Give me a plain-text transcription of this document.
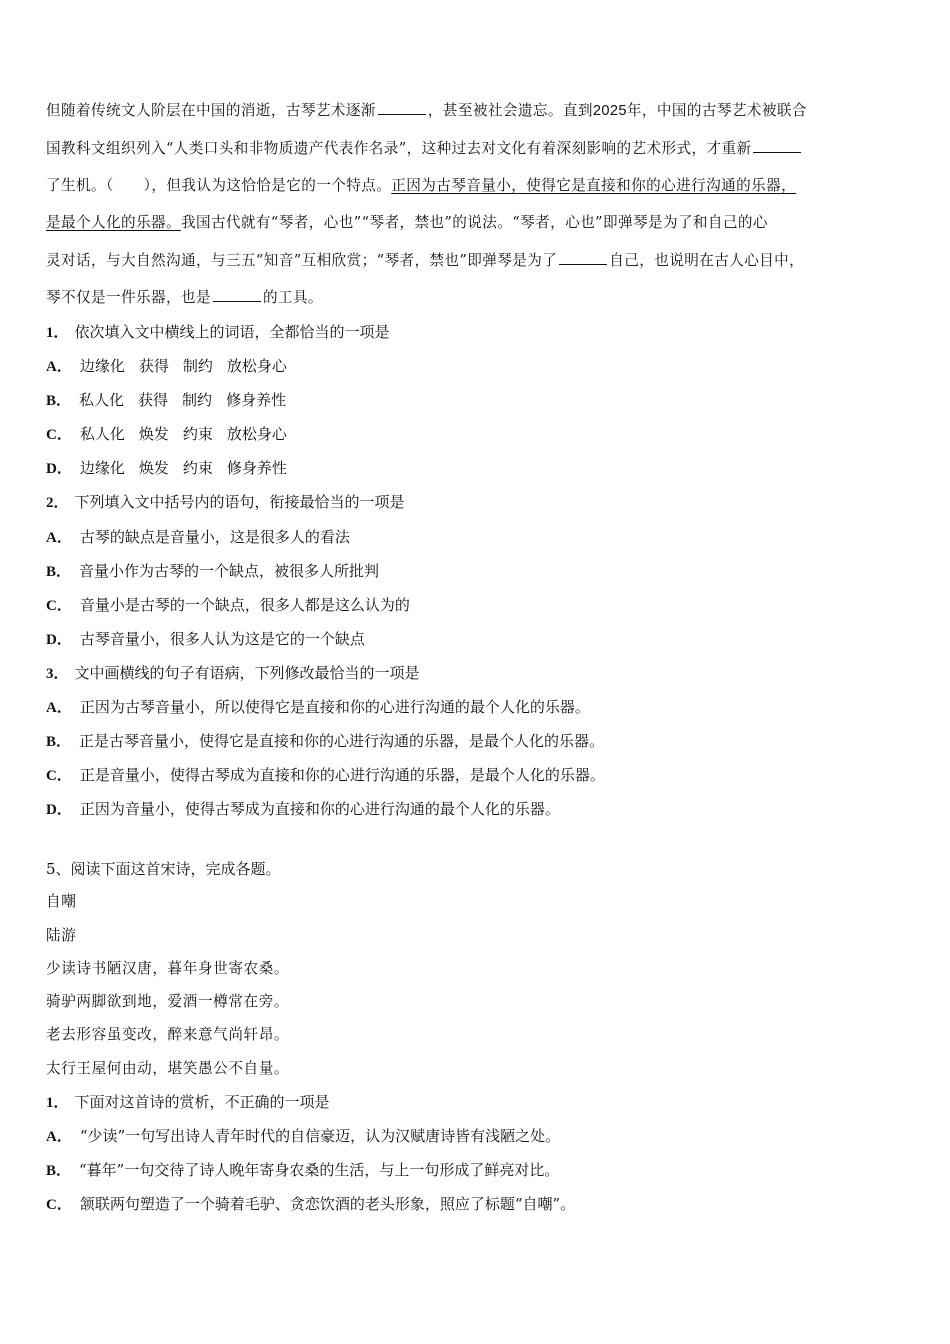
但随着传统文人阶层在中国的消逝，古琴艺术逐渐	，甚至被社会遗忘。直到2025年，中国的古琴艺术被联合
国教科文组织列入“人类口头和非物质遗产代表作名录”，这种过去对文化有着深刻影响的艺术形式，才重新
了生机。（　　），但我认为这恰恰是它的一个特点。正因为古琴音量小，使得它是直接和你的心进行沟通的乐器，
是最个人化的乐器。我国古代就有“琴者，心也”“琴者，禁也”的说法。“琴者，心也”即弹琴是为了和自己的心
灵对话，与大自然沟通，与三五“知音”互相欣赏；“琴者，禁也”即弹琴是为了	自己，也说明在古人心目中，
琴不仅是一件乐器，也是	的工具。
1． 依次填入文中横线上的词语，全都恰当的一项是
A． 边缘化 获得 制约 放松身心
B． 私人化 获得 制约 修身养性
C． 私人化 焕发 约束 放松身心
D． 边缘化 焕发 约束 修身养性
2． 下列填入文中括号内的语句，衔接最恰当的一项是
A． 古琴的缺点是音量小，这是很多人的看法
B． 音量小作为古琴的一个缺点，被很多人所批判
C． 音量小是古琴的一个缺点，很多人都是这么认为的
D． 古琴音量小，很多人认为这是它的一个缺点
3． 文中画横线的句子有语病，下列修改最恰当的一项是
A． 正因为古琴音量小，所以使得它是直接和你的心进行沟通的最个人化的乐器。
B． 正是古琴音量小，使得它是直接和你的心进行沟通的乐器，是最个人化的乐器。
C． 正是音量小，使得古琴成为直接和你的心进行沟通的乐器，是最个人化的乐器。
D． 正因为音量小，使得古琴成为直接和你的心进行沟通的最个人化的乐器。
5、阅读下面这首宋诗，完成各题。
自嘲
陆游
少读诗书陋汉唐，暮年身世寄农桑。
骑驴两脚欲到地，爱酒一樽常在旁。
老去形容虽变改，醉来意气尚轩昂。
太行王屋何由动，堪笑愚公不自量。
1． 下面对这首诗的赏析，不正确的一项是
A． “少读”一句写出诗人青年时代的自信豪迈，认为汉赋唐诗皆有浅陋之处。
B． “暮年”一句交待了诗人晚年寄身农桑的生活，与上一句形成了鲜亮对比。
C． 颔联两句塑造了一个骑着毛驴、贪恋饮酒的老头形象，照应了标题“自嘲”。
